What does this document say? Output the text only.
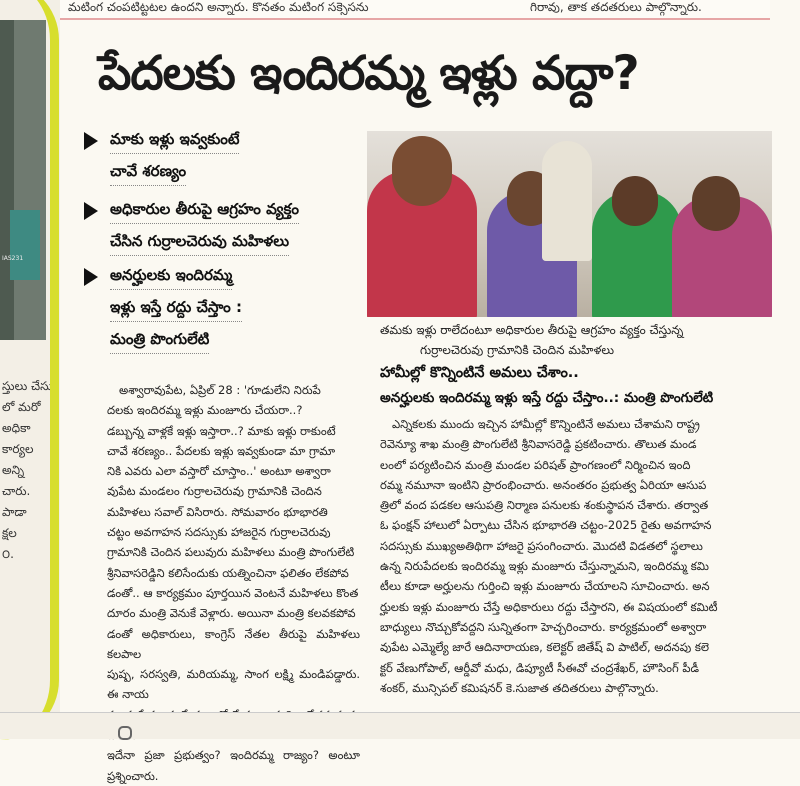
IAS231
స్తులు చేసు
లో మరో
అధికా
కార్యల
అన్ని
చారు.
పాడా
క్షల
౦.
మటింగ చంపటిట్టటల ఉందని అన్నారు. కొనతం మటింగ సక్సెసను	గిరావు, తాక తదతరులు పాల్గొన్నారు.
పేదలకు ఇందిరమ్మ ఇళ్లు వద్దా?
మాకు ఇళ్లు ఇవ్వకుంటే
చావే శరణ్యం
అధికారుల తీరుపై ఆగ్రహం వ్యక్తం
చేసిన గుర్రాలచెరువు మహిళలు
అనర్హులకు ఇందిరమ్మ
ఇళ్లు ఇస్తే రద్దు చేస్తాం :
మంత్రి పొంగులేటి	తమకు ఇళ్లు రాలేదంటూ అధికారుల తీరుపై ఆగ్రహం వ్యక్తం చేస్తున్న
గుర్రాలచెరువు గ్రామానికి చెందిన మహిళలు

అశ్వారావుపేట, ఏప్రిల్ 28 : 'గూడులేని నిరుపే

దలకు ఇందిరమ్మ ఇళ్లు మంజూరు చేయరా..?

డబ్బున్న వాళ్లకే ఇళ్లు ఇస్తారా..? మాకు ఇళ్లు రాకుంటే

చావే శరణ్యం.. పేదలకు ఇళ్లు ఇవ్వకుండా మా గ్రామా

నికి ఎవరు ఎలా వస్తారో చూస్తాం..' అంటూ అశ్వారా

వుపేట మండలం గుర్రాలచెరువు గ్రామానికి చెందిన

మహిళలు సవాల్ విసిరారు. సోమవారం భూభారతి

చట్టం అవగాహన సదస్సుకు హాజరైన గుర్రాలచెరువు

గ్రామానికి చెందిన పలువురు మహిళలు మంత్రి పొంగులేటి

శ్రీనివాసరెడ్డిని కలిసేందుకు యత్నించినా ఫలితం లేకపోవ

డంతో.. ఆ కార్యక్రమం పూర్తయిన వెంటనే మహిళలు కొంత

దూరం మంత్రి వెనుకే వెళ్లారు. అయినా మంత్రి కలవకపోవ

డంతో అధికారులు, కాంగ్రెస్ నేతల తీరుపై మహిళలు కలపాల

పుష్ప, సరస్వతి, మరియమ్మ, సాంగ లక్ష్మి మండిపడ్డారు. ఈ నాయ

ఇదేనా ప్రజా ప్రభుత్వం? ఇందిరమ్మ రాజ్యం? అంటూ ప్రశ్నించారు.

హామీల్లో కొన్నింటినే అమలు చేశాం..
అనర్హులకు ఇందిరమ్మ ఇళ్లు ఇస్తే రద్దు చేస్తాం..: మంత్రి పొంగులేటి

ఎన్నికలకు ముందు ఇచ్చిన హామీల్లో కొన్నింటినే అమలు చేశామని రాష్ట్ర

రెవెన్యూ శాఖ మంత్రి పొంగులేటి శ్రీనివాసరెడ్డి ప్రకటించారు. తొలుత మండ

లంలో పర్యటించిన మంత్రి మండల పరిషత్ ప్రాంగణంలో నిర్మించిన ఇంది

రమ్మ నమూనా ఇంటిని ప్రారంభించారు. అనంతరం ప్రభుత్వ ఏరియా ఆసుప

త్రిలో వంద పడకల ఆసుపత్రి నిర్మాణ పనులకు శంకుస్థాపన చేశారు. తర్వాత

ఓ ఫంక్షన్ హాలులో ఏర్పాటు చేసిన భూభారతి చట్టం-2025 రైతు అవగాహన

సదస్సుకు ముఖ్యఅతిథిగా హాజరై ప్రసంగించారు. మొదటి విడతలో స్థలాలు

ఉన్న నిరుపేదలకు ఇందిరమ్మ ఇళ్లు మంజూరు చేస్తున్నామని, ఇందిరమ్మ కమి

టీలు కూడా అర్హులను గుర్తించి ఇళ్లు మంజూరు చేయాలని సూచించారు. అన

ర్హులకు ఇళ్లు మంజూరు చేస్తే అధికారులు రద్దు చేస్తారని, ఈ విషయంలో కమిటీ

బాధ్యులు నొచ్చుకోవద్దని సున్నితంగా హెచ్చరించారు. కార్యక్రమంలో అశ్వారా

వుపేట ఎమ్మెల్యే జారే ఆదినారాయణ, కలెక్టర్ జితేష్ వి పాటిల్, అదనపు కలె

క్టర్ వేణుగోపాల్, ఆర్డీవో మధు, డిప్యూటీ సీఈవో చంద్రశేఖర్, హౌసింగ్ పీడీ

శంకర్, మున్సిపల్ కమిషనర్ కె.సుజాత తదితరులు పాల్గొన్నారు.
